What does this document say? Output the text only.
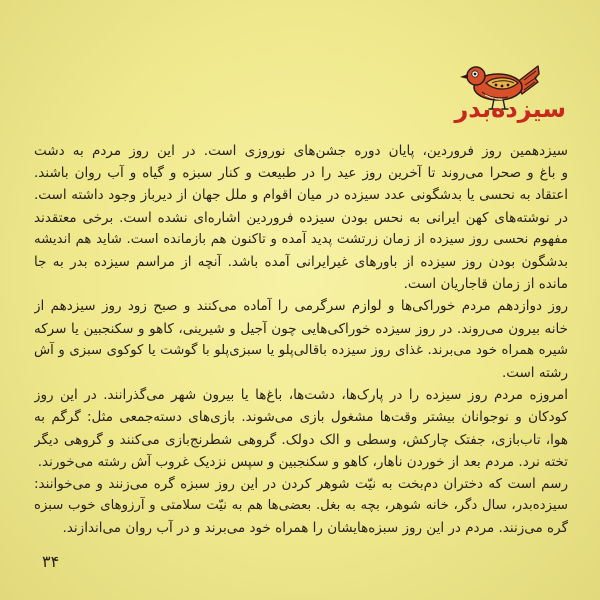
سیزده‌بدر
سیزدهمین روز فروردین، پایان دوره جشن‌های نوروزی است. در این روز مردم به دشت
و باغ و صحرا می‌روند تا آخرین روز عید را در طبیعت و کنار سبزه و گیاه و آب روان باشند.
اعتقاد به نحسی یا بدشگونی عدد سیزده در میان اقوام و ملل جهان از دیرباز وجود داشته است.
در نوشته‌های کهن ایرانی به نحس بودن سیزده فروردین اشاره‌ای نشده است. برخی معتقدند
مفهوم نحسی روز سیزده از زمان زرتشت پدید آمده و تاکنون هم بازمانده است. شاید هم اندیشه
بدشگون بودن روز سیزده از باورهای غیرایرانی آمده باشد. آنچه از مراسم سیزده بدر به جا
مانده از زمان قاجاریان است.
روز دوازدهم مردم خوراکی‌ها و لوازم سرگرمی را آماده می‌کنند و صبح زود روز سیزدهم از
خانه بیرون می‌روند. در روز سیزده خوراکی‌هایی چون آجیل و شیرینی، کاهو و سکنجبین یا سرکه
شیره همراه خود می‌برند. غذای روز سیزده باقالی‌پلو یا سبزی‌پلو با گوشت یا کوکوی سبزی و آش
رشته است.
امروزه مردم روز سیزده را در پارک‌ها، دشت‌ها، باغ‌ها یا بیرون شهر می‌گذرانند. در این روز
کودکان و نوجوانان بیشتر وقت‌ها مشغول بازی می‌شوند. بازی‌های دسته‌جمعی مثل: گرگم به
هوا، تاب‌بازی، جفتک چارکش، وسطی و الک دولک. گروهی شطرنج‌بازی می‌کنند و گروهی دیگر
تخته نرد. مردم بعد از خوردن ناهار، کاهو و سکنجبین و سپس نزدیک غروب آش رشته می‌خورند.
رسم است که دختران دم‌بخت به نیّت شوهر کردن در این روز سبزه گره می‌زنند و می‌خوانند:
سیزده‌بدر، سال دگر، خانه شوهر، بچه به بغل. بعضی‌ها هم به نیّت سلامتی و آرزوهای خوب سبزه
گره می‌زنند. مردم در این روز سبزه‌هایشان را همراه خود می‌برند و در آب روان می‌اندازند.
۳۴
